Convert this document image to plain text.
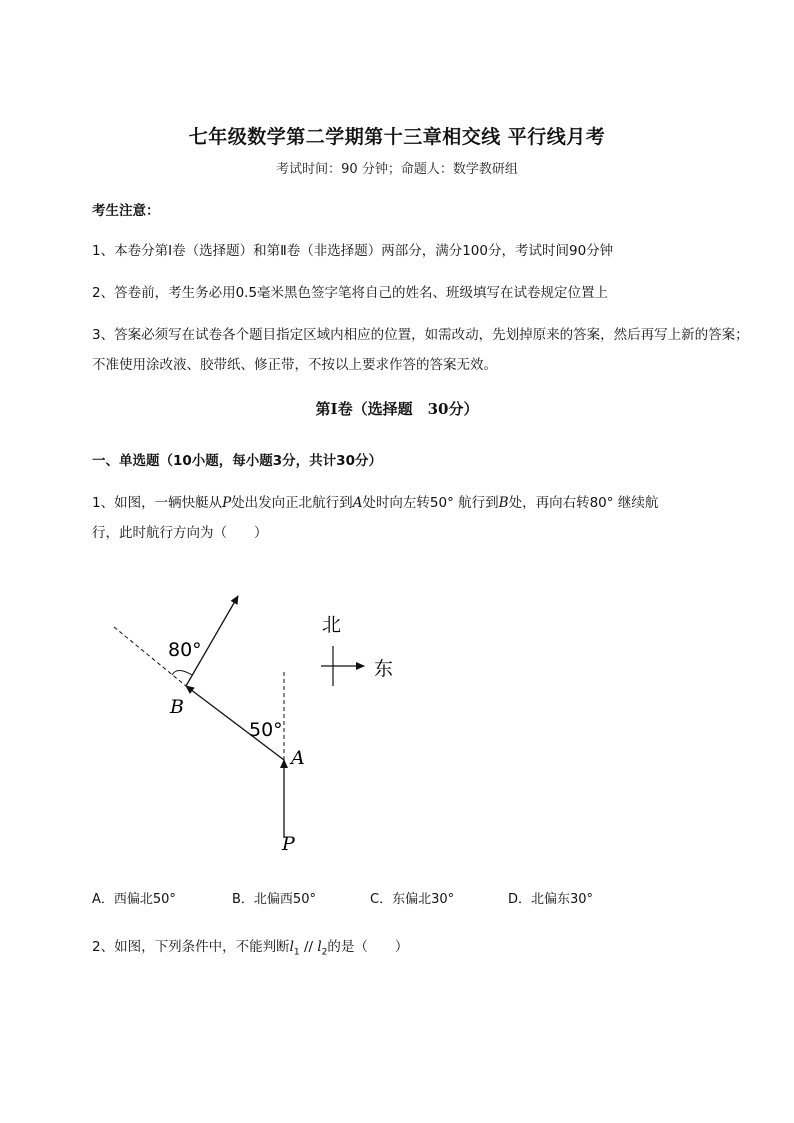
七年级数学第二学期第十三章相交线 平行线月考
考试时间：90 分钟；命题人：数学教研组
考生注意：
1、本卷分第Ⅰ卷（选择题）和第Ⅱ卷（非选择题）两部分，满分100分，考试时间90分钟
2、答卷前，考生务必用0.5毫米黑色签字笔将自己的姓名、班级填写在试卷规定位置上
3、答案必须写在试卷各个题目指定区域内相应的位置，如需改动，先划掉原来的答案，然后再写上新的答案；不准使用涂改液、胶带纸、修正带，不按以上要求作答的答案无效。
第Ⅰ卷（选择题　30分）
一、单选题（10小题，每小题3分，共计30分）
1、如图，一辆快艇从P处出发向正北航行到A处时向左转50° 航行到B处，再向右转80° 继续航
行，此时航行方向为（　　）
80°
50°
B
A
P
北
东
A．西偏北50°	B．北偏西50°	C．东偏北30°	D．北偏东30°
2、如图，下列条件中，不能判断$l_1 // l_2$的是（　　）
